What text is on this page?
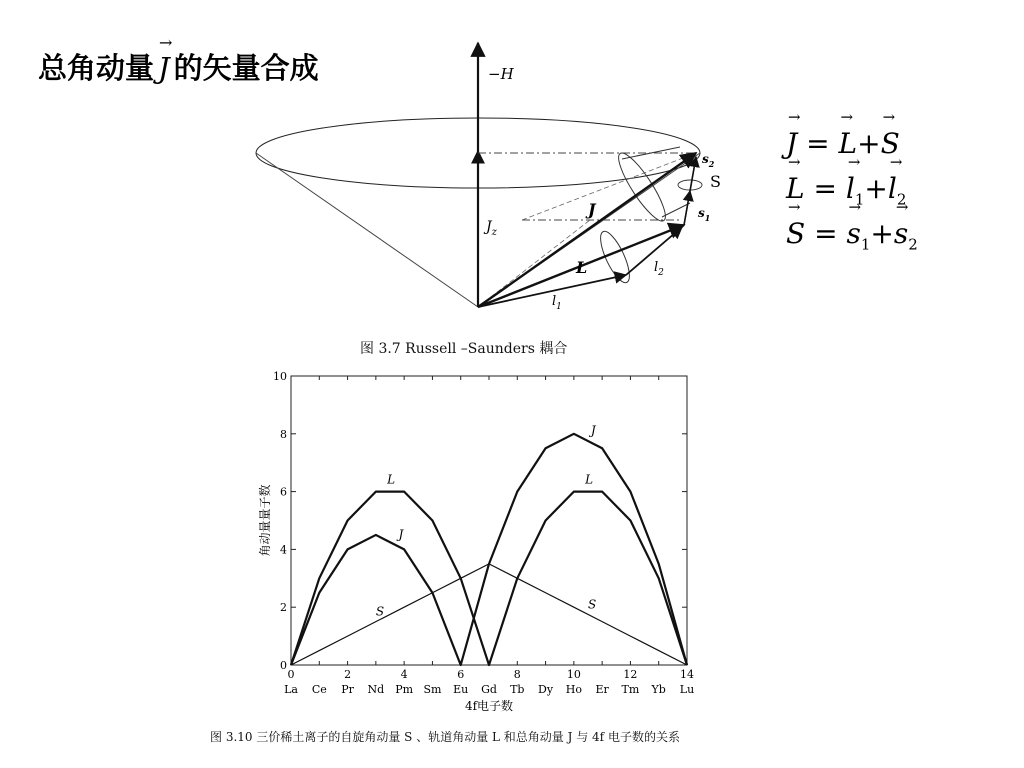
总角动量 → J 的矢量合成	−H
$J_z$
J
L
S
$l_1$
$l_2$
$s_1$
$s_2$
→ J = → L+→ S
→ L = → $l_1+\to l_2$
→ S = → $s_1+\to s_2$
图 3.7 Russell –Saunders 耦合
0
2
4
6
8
10
0	2	4	6	8	10	12	14
La Ce Pr Nd Pm Sm Eu Gd Tb Dy Ho Er Tm Yb Lu
4f电子数
角动量量子数
L	L
J
J
S
S
图 3.10 三价稀土离子的自旋角动量 S 、轨道角动量 L 和总角动量 J 与 4f 电子数的关系
